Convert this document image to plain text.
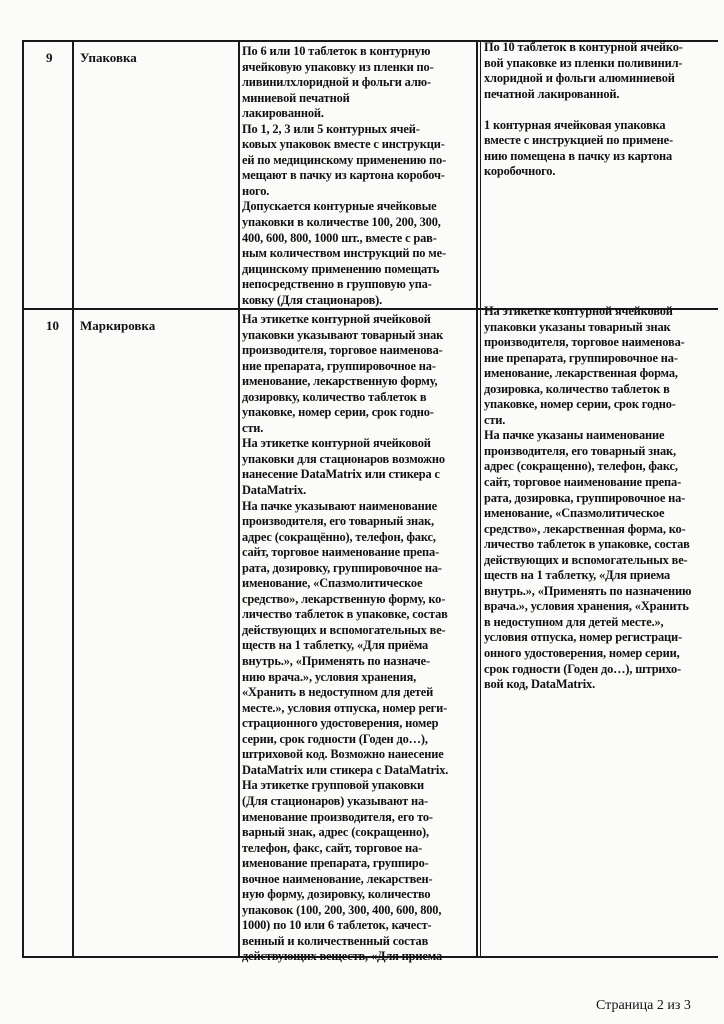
9 Упаковка	По 6 или 10 таблеток в контурную
ячейковую упаковку из пленки по-
ливинилхлоридной и фольги алю-
миниевой печатной
лакированной.
По 1, 2, 3 или 5 контурных ячей-
ковых упаковок вместе с инструкци-
ей по медицинскому применению по-
мещают в пачку из картона коробоч-
ного.
Допускается контурные ячейковые
упаковки в количестве 100, 200, 300,
400, 600, 800, 1000 шт., вместе с рав-
ным количеством инструкций по ме-
дицинскому применению помещать
непосредственно в групповую упа-
ковку (Для стационаров).
По 10 таблеток в контурной ячейко-
вой упаковке из пленки поливинил-
хлоридной и фольги алюминиевой
печатной лакированной.

1 контурная ячейковая упаковка
вместе с инструкцией по примене-
нию помещена в пачку из картона
коробочного.
10 Маркировка	На этикетке контурной ячейковой
упаковки указывают товарный знак
производителя, торговое наименова-
ние препарата, группировочное на-
именование, лекарственную форму,
дозировку, количество таблеток в
упаковке, номер серии, срок годно-
сти.
На этикетке контурной ячейковой
упаковки для стационаров возможно
нанесение DataMatrix или стикера с
DataMatrix.
На пачке указывают наименование
производителя, его товарный знак,
адрес (сокращённо), телефон, факс,
сайт, торговое наименование препа-
рата, дозировку, группировочное на-
именование, «Спазмолитическое
средство», лекарственную форму, ко-
личество таблеток в упаковке, состав
действующих и вспомогательных ве-
ществ на 1 таблетку, «Для приёма
внутрь.», «Применять по назначе-
нию врача.», условия хранения,
«Хранить в недоступном для детей
месте.», условия отпуска, номер реги-
страционного удостоверения, номер
серии, срок годности (Годен до…),
штриховой код. Возможно нанесение
DataMatrix или стикера с DataMatrix.
На этикетке групповой упаковки
(Для стационаров) указывают на-
именование производителя, его то-
варный знак, адрес (сокращенно),
телефон, факс, сайт, торговое на-
именование препарата, группиро-
вочное наименование, лекарствен-
ную форму, дозировку, количество
упаковок (100, 200, 300, 400, 600, 800,
1000) по 10 или 6 таблеток, качест-
венный и количественный состав
действующих веществ, «Для приема
На этикетке контурной ячейковой
упаковки указаны товарный знак
производителя, торговое наименова-
ние препарата, группировочное на-
именование, лекарственная форма,
дозировка, количество таблеток в
упаковке, номер серии, срок годно-
сти.
На пачке указаны наименование
производителя, его товарный знак,
адрес (сокращенно), телефон, факс,
сайт, торговое наименование препа-
рата, дозировка, группировочное на-
именование, «Спазмолитическое
средство», лекарственная форма, ко-
личество таблеток в упаковке, состав
действующих и вспомогательных ве-
ществ на 1 таблетку, «Для приема
внутрь.», «Применять по назначению
врача.», условия хранения, «Хранить
в недоступном для детей месте.»,
условия отпуска, номер регистраци-
онного удостоверения, номер серии,
срок годности (Годен до…), штрихо-
вой код, DataMatrix.
Страница 2 из 3
